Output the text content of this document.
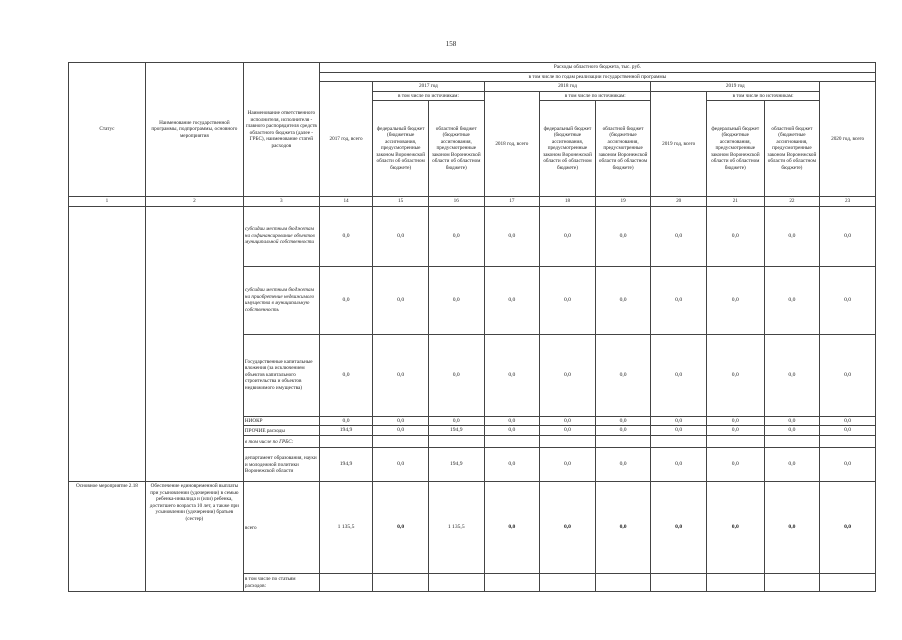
158
Статус	Наименование государственной программы, подпрограммы, основного мероприятия	Наименование ответственного исполнителя, исполнителя - главного распорядителя средств областного бюджета (далее - ГРБС), наименование статей расходов	Расходы областного бюджета, тыс. руб.									
			в том числе по годам реализации государственной программы									
			2017 год, всего	2017 год		2018 год			2019 год			2020 год, всего
				в том числе по источникам:		2018 год, всего	в том числе по источникам:		2019 год, всего	в том числе по источникам:		
				федеральный бюджет (бюджетные ассигнования, предусмотренные законом Воронежской области об областном бюджете)	областной бюджет (бюджетные ассигнования, предусмотренные законом Воронежской области об областном бюджете)		федеральный бюджет (бюджетные ассигнования, предусмотренные законом Воронежской области об областном бюджете)	областной бюджет (бюджетные ассигнования, предусмотренные законом Воронежской области об областном бюджете)		федеральный бюджет (бюджетные ассигнования, предусмотренные законом Воронежской области об областном бюджете)	областной бюджет (бюджетные ассигнования, предусмотренные законом Воронежской области об областном бюджете)	
1	2	3	14	15	16	17	18	19	20	21	22	23
		субсидии местным бюджетам на софинансирование объектов муниципальной собственности	0,0	0,0	0,0	0,0	0,0	0,0	0,0	0,0	0,0	0,0
		субсидии местным бюджетам на приобретение недвижимого имущества в муниципальную собственность	0,0	0,0	0,0	0,0	0,0	0,0	0,0	0,0	0,0	0,0
		Государственные капитальные вложения (за исключением объектов капитального строительства и объектов недвижимого имущества)	0,0	0,0	0,0	0,0	0,0	0,0	0,0	0,0	0,0	0,0
		НИОКР	0,0	0,0	0,0	0,0	0,0	0,0	0,0	0,0	0,0	0,0
		ПРОЧИЕ расходы	194,9	0,0	194,9	0,0	0,0	0,0	0,0	0,0	0,0	0,0
		в том числе по ГРБС:										
		департамент образования, науки и молодежной политики Воронежской области	194,9	0,0	194,9	0,0	0,0	0,0	0,0	0,0	0,0	0,0
Основное мероприятие 2.18	Обеспечение единовременной выплаты при усыновлении (удочерении) в семью ребенка-инвалида и (или) ребенка, достигшего возраста 10 лет, а также при усыновлении (удочерении) братьев (сестер)	всего	1 135,5	0,0	1 135,5	0,0	0,0	0,0	0,0	0,0	0,0	0,0
		в том числе по статьям расходов:										
